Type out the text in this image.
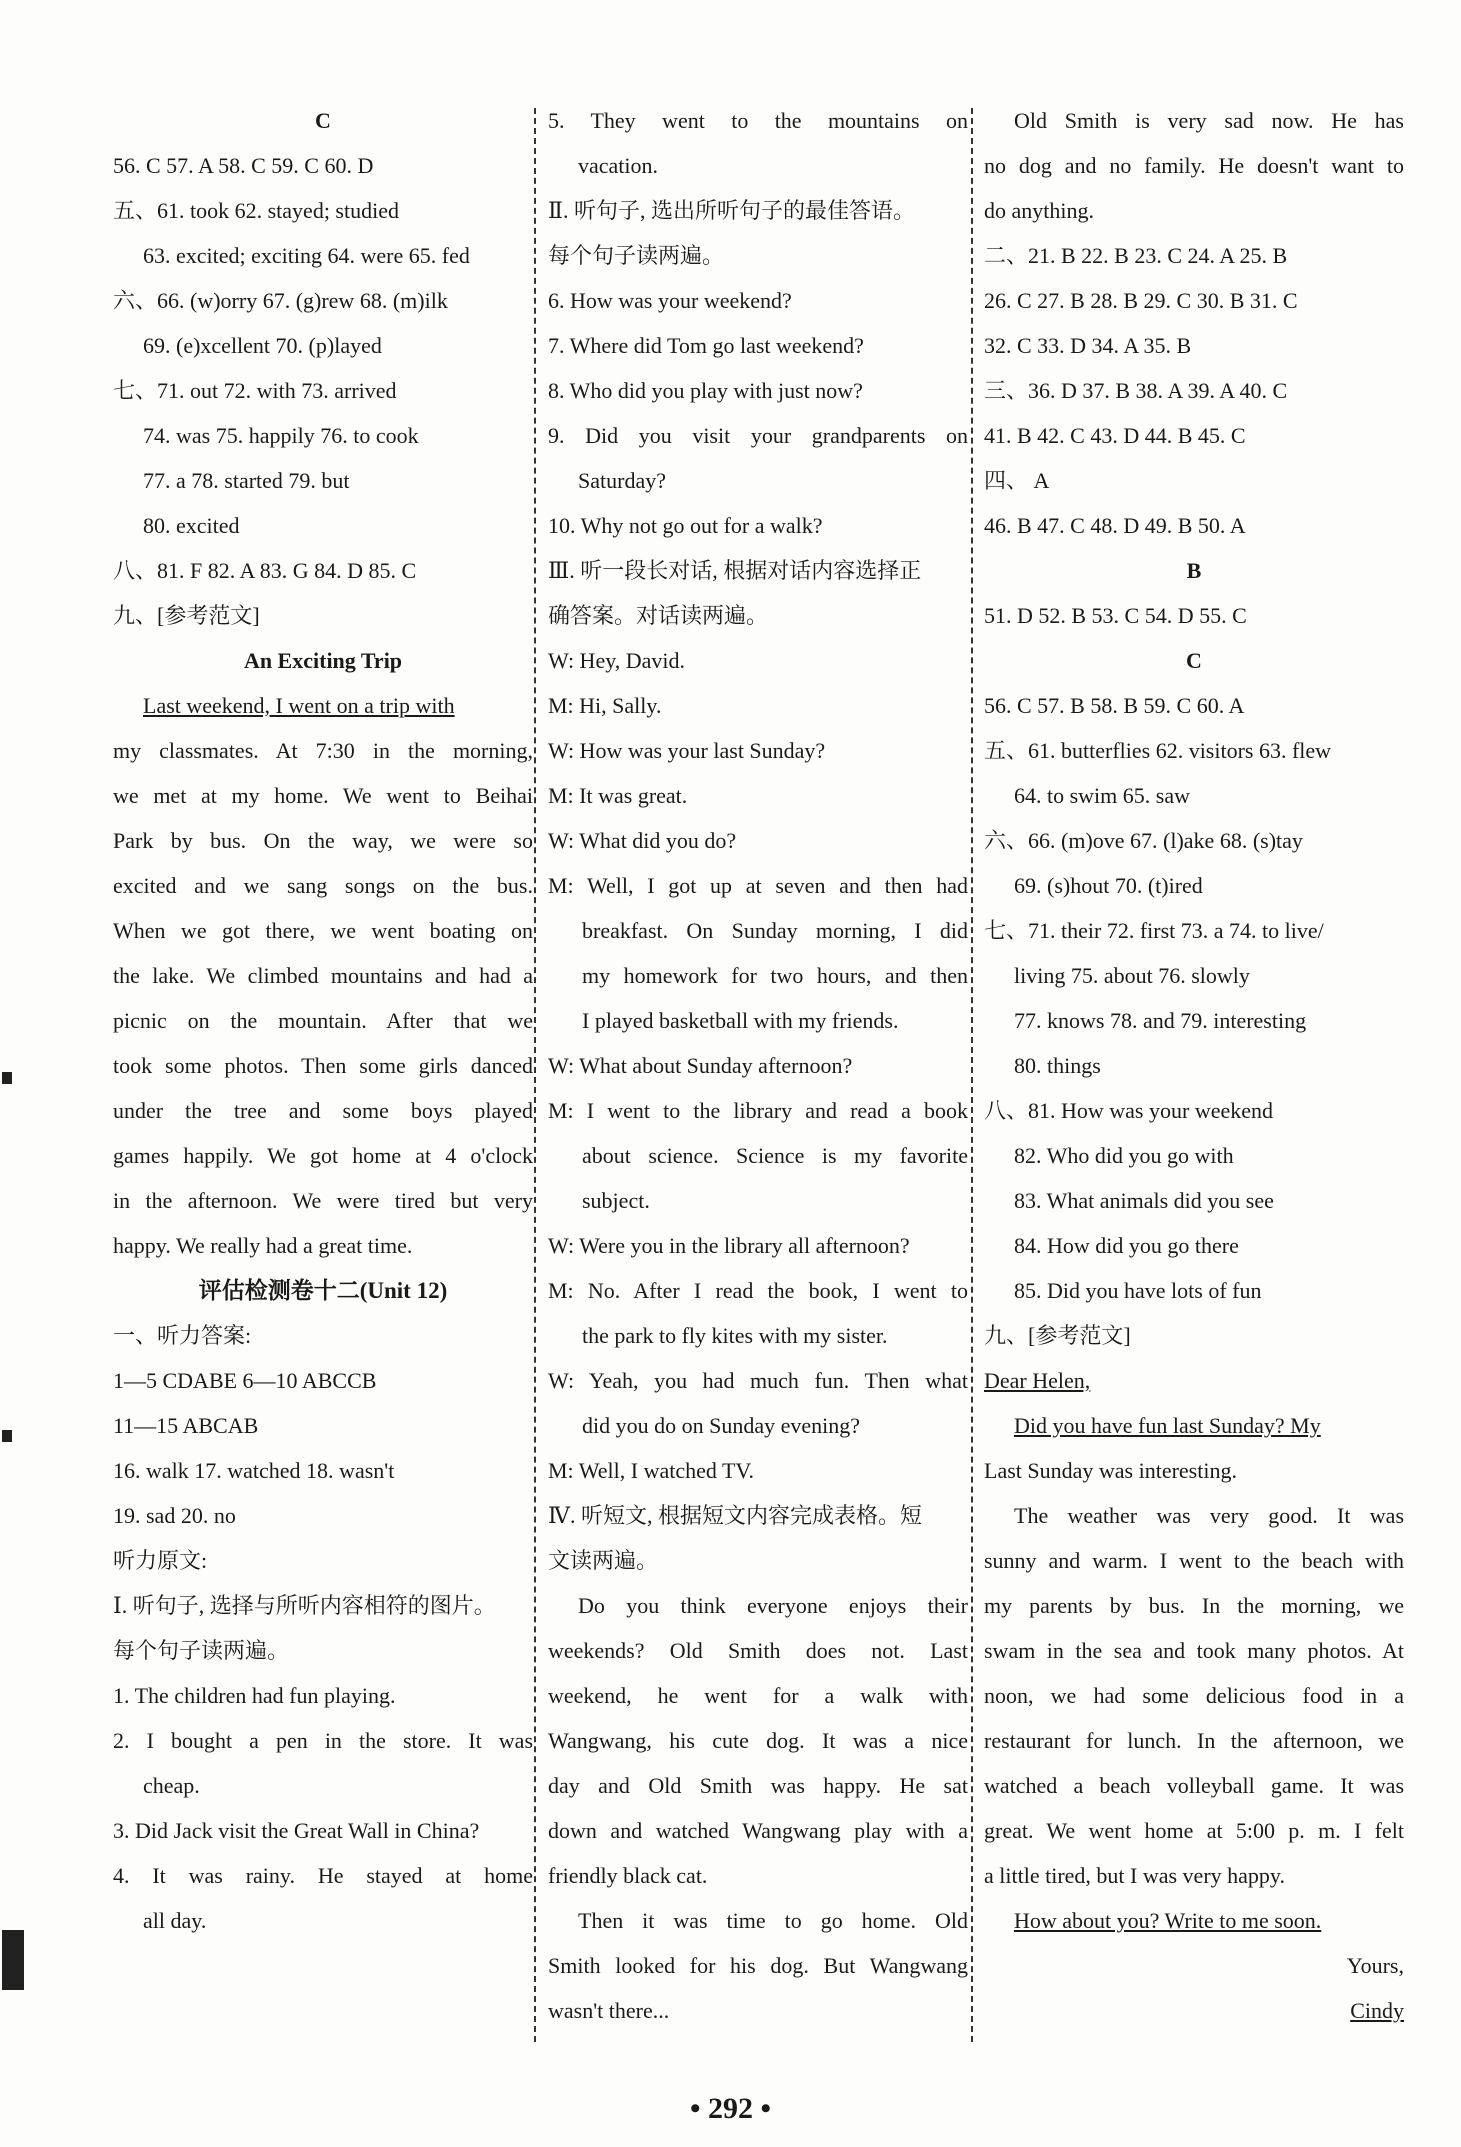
C
56. C 57. A 58. C 59. C 60. D
五、61. took 62. stayed; studied
63. excited; exciting 64. were 65. fed
六、66. (w)orry 67. (g)rew 68. (m)ilk
69. (e)xcellent 70. (p)layed
七、71. out 72. with 73. arrived
74. was 75. happily 76. to cook
77. a 78. started 79. but
80. excited
八、81. F 82. A 83. G 84. D 85. C
九、[参考范文]
An Exciting Trip
Last weekend, I went on a trip with
my classmates. At 7:30 in the morning,
we met at my home. We went to Beihai
Park by bus. On the way, we were so
excited and we sang songs on the bus.
When we got there, we went boating on
the lake. We climbed mountains and had a
picnic on the mountain. After that we
took some photos. Then some girls danced
under the tree and some boys played
games happily. We got home at 4 o'clock
in the afternoon. We were tired but very
happy. We really had a great time.
评估检测卷十二(Unit 12)
一、听力答案:
1—5 CDABE 6—10 ABCCB
11—15 ABCAB
16. walk 17. watched 18. wasn't
19. sad 20. no
听力原文:
Ⅰ. 听句子, 选择与所听内容相符的图片。
每个句子读两遍。
1. The children had fun playing.
2. I bought a pen in the store. It was
cheap.
3. Did Jack visit the Great Wall in China?
4. It was rainy. He stayed at home
all day.
5. They went to the mountains on
vacation.
Ⅱ. 听句子, 选出所听句子的最佳答语。
每个句子读两遍。
6. How was your weekend?
7. Where did Tom go last weekend?
8. Who did you play with just now?
9. Did you visit your grandparents on
Saturday?
10. Why not go out for a walk?
Ⅲ. 听一段长对话, 根据对话内容选择正
确答案。对话读两遍。
W: Hey, David.
M: Hi, Sally.
W: How was your last Sunday?
M: It was great.
W: What did you do?
M: Well, I got up at seven and then had
breakfast. On Sunday morning, I did
my homework for two hours, and then
I played basketball with my friends.
W: What about Sunday afternoon?
M: I went to the library and read a book
about science. Science is my favorite
subject.
W: Were you in the library all afternoon?
M: No. After I read the book, I went to
the park to fly kites with my sister.
W: Yeah, you had much fun. Then what
did you do on Sunday evening?
M: Well, I watched TV.
Ⅳ. 听短文, 根据短文内容完成表格。短
文读两遍。
Do you think everyone enjoys their
weekends? Old Smith does not. Last
weekend, he went for a walk with
Wangwang, his cute dog. It was a nice
day and Old Smith was happy. He sat
down and watched Wangwang play with a
friendly black cat.
Then it was time to go home. Old
Smith looked for his dog. But Wangwang
wasn't there...
Old Smith is very sad now. He has
no dog and no family. He doesn't want to
do anything.
二、21. B 22. B 23. C 24. A 25. B
26. C 27. B 28. B 29. C 30. B 31. C
32. C 33. D 34. A 35. B
三、36. D 37. B 38. A 39. A 40. C
41. B 42. C 43. D 44. B 45. C
四、 A
46. B 47. C 48. D 49. B 50. A
B
51. D 52. B 53. C 54. D 55. C
C
56. C 57. B 58. B 59. C 60. A
五、61. butterflies 62. visitors 63. flew
64. to swim 65. saw
六、66. (m)ove 67. (l)ake 68. (s)tay
69. (s)hout 70. (t)ired
七、71. their 72. first 73. a 74. to live/
living 75. about 76. slowly
77. knows 78. and 79. interesting
80. things
八、81. How was your weekend
82. Who did you go with
83. What animals did you see
84. How did you go there
85. Did you have lots of fun
九、[参考范文]
Dear Helen,
Did you have fun last Sunday? My
Last Sunday was interesting.
The weather was very good. It was
sunny and warm. I went to the beach with
my parents by bus. In the morning, we
swam in the sea and took many photos. At
noon, we had some delicious food in a
restaurant for lunch. In the afternoon, we
watched a beach volleyball game. It was
great. We went home at 5:00 p. m. I felt
a little tired, but I was very happy.
How about you? Write to me soon.
Yours,
Cindy
• 292 •
